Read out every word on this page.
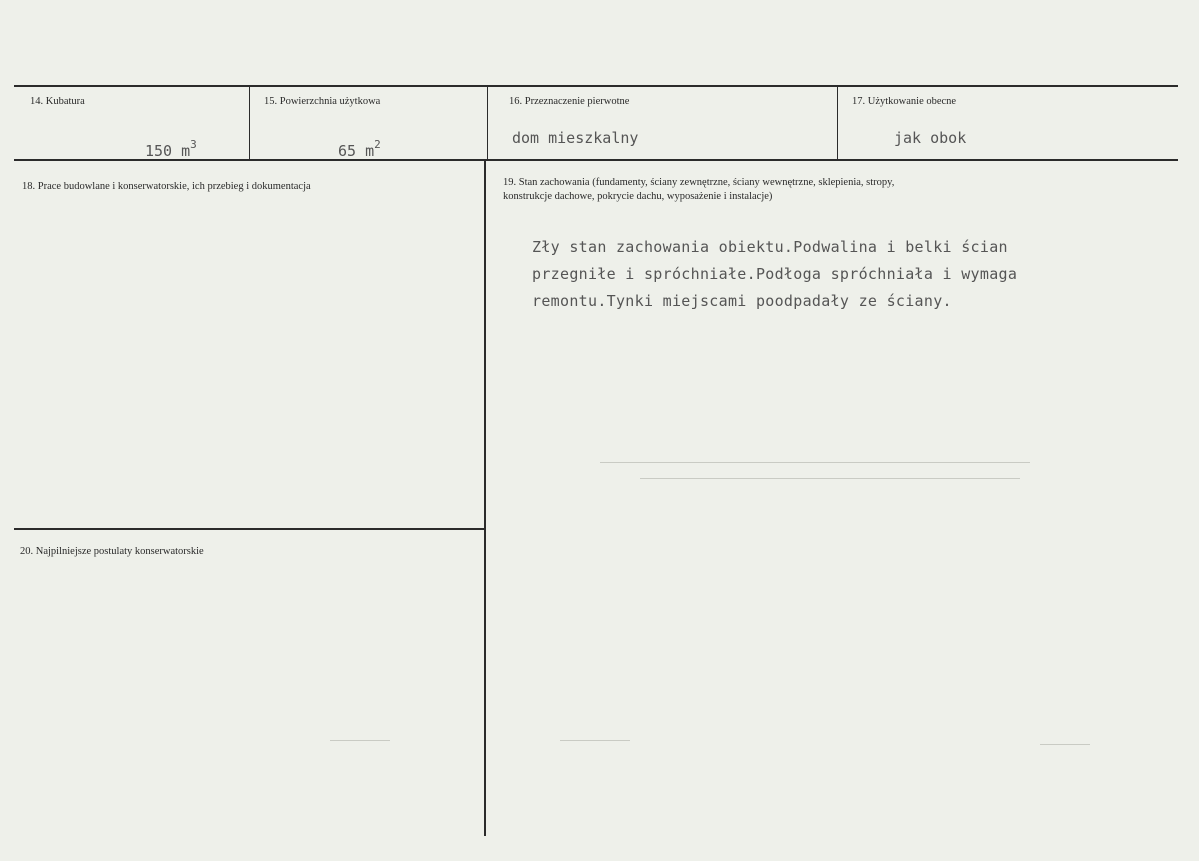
14. Kubatura
150 $m^3$
15. Powierzchnia użytkowa
65 $m^2$
16. Przeznaczenie pierwotne
dom mieszkalny
17. Użytkowanie obecne
jak obok
18. Prace budowlane i konserwatorskie, ich przebieg i dokumentacja	19. Stan zachowania (fundamenty, ściany zewnętrzne, ściany wewnętrzne, sklepienia, stropy,
konstrukcje dachowe, pokrycie dachu, wyposażenie i instalacje)
Zły stan zachowania obiektu.Podwalina i belki ścian
przegniłe i spróchniałe.Podłoga spróchniała i wymaga
remontu.Tynki miejscami poodpadały ze ściany.
20. Najpilniejsze postulaty konserwatorskie
